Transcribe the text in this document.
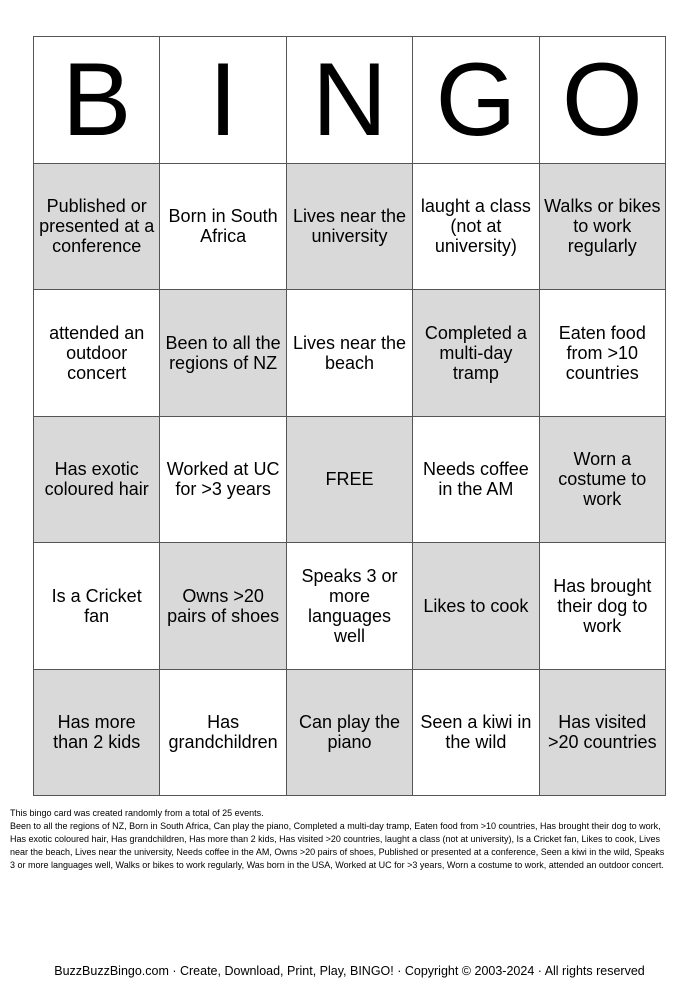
B I N G O
Published or presented at a conference
Born in South Africa
Lives near the university
laught a class (not at university)
Walks or bikes to work regularly
attended an outdoor concert
Been to all the regions of NZ
Lives near the beach
Completed a multi-day tramp
Eaten food from >10 countries
Has exotic coloured hair
Worked at UC for >3 years	FREE	Needs coffee in the AM
Worn a costume to work
Is a Cricket fan
Owns >20 pairs of shoes
Speaks 3 or more languages well
Likes to cook
Has brought their dog to work
Has more than 2 kids
Has grandchildren
Can play the piano
Seen a kiwi in the wild
Has visited >20 countries

This bingo card was created randomly from a total of 25 events.

Been to all the regions of NZ, Born in South Africa, Can play the piano, Completed a multi-day tramp, Eaten food from >10 countries, Has brought their dog to work, Has exotic coloured hair, Has grandchildren, Has more than 2 kids, Has visited >20 countries, laught a class (not at university), Is a Cricket fan, Likes to cook, Lives near the beach, Lives near the university, Needs coffee in the AM, Owns >20 pairs of shoes, Published or presented at a conference, Seen a kiwi in the wild, Speaks 3 or more languages well, Walks or bikes to work regularly, Was born in the USA, Worked at UC for >3 years, Worn a costume to work, attended an outdoor concert.

BuzzBuzzBingo.com · Create, Download, Print, Play, BINGO! · Copyright © 2003-2024 · All rights reserved
